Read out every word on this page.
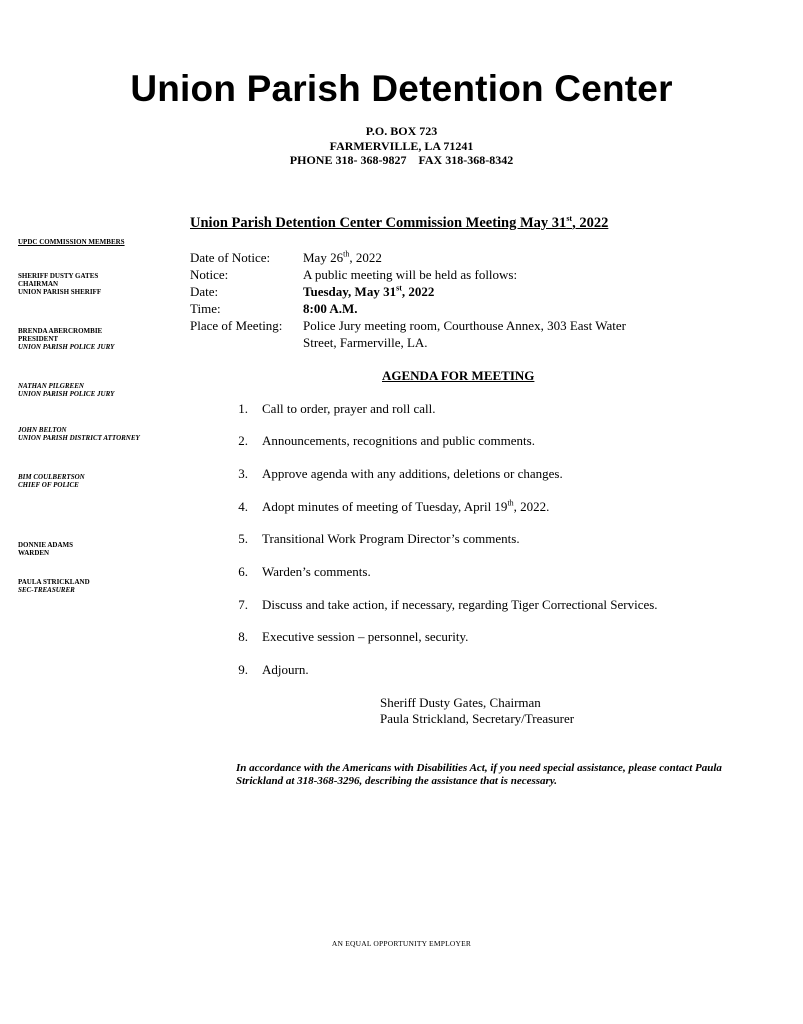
Union Parish Detention Center
P.O. BOX 723
FARMERVILLE, LA 71241
PHONE 318- 368-9827    FAX 318-368-8342
Union Parish Detention Center Commission Meeting May 31st, 2022
UPDC COMMISSION MEMBERS
SHERIFF DUSTY GATES
CHAIRMAN
UNION PARISH SHERIFF
BRENDA ABERCROMBIE
PRESIDENT
UNION PARISH POLICE JURY
NATHAN PILGREEN
UNION PARISH POLICE JURY
JOHN BELTON
UNION PARISH DISTRICT ATTORNEY
BIM COULBERTSON
CHIEF OF POLICE
DONNIE ADAMS
WARDEN
PAULA STRICKLAND
SEC-TREASURER
Date of Notice:	May 26th, 2022
Notice:	A public meeting will be held as follows:
Date:	Tuesday, May 31st, 2022
Time:	8:00 A.M.
Place of Meeting: Police Jury meeting room, Courthouse Annex, 303 East Water
Street, Farmerville, LA.
AGENDA FOR MEETING
1. Call to order, prayer and roll call.
2. Announcements, recognitions and public comments.
3. Approve agenda with any additions, deletions or changes.
4. Adopt minutes of meeting of Tuesday, April 19th, 2022.
5. Transitional Work Program Director’s comments.
6. Warden’s comments.
7. Discuss and take action, if necessary, regarding Tiger Correctional Services.
8. Executive session – personnel, security.
9. Adjourn.
Sheriff Dusty Gates, Chairman
Paula Strickland, Secretary/Treasurer
In accordance with the Americans with Disabilities Act, if you need special assistance, please contact Paula Strickland at 318-368-3296, describing the assistance that is necessary.
AN EQUAL OPPORTUNITY EMPLOYER
